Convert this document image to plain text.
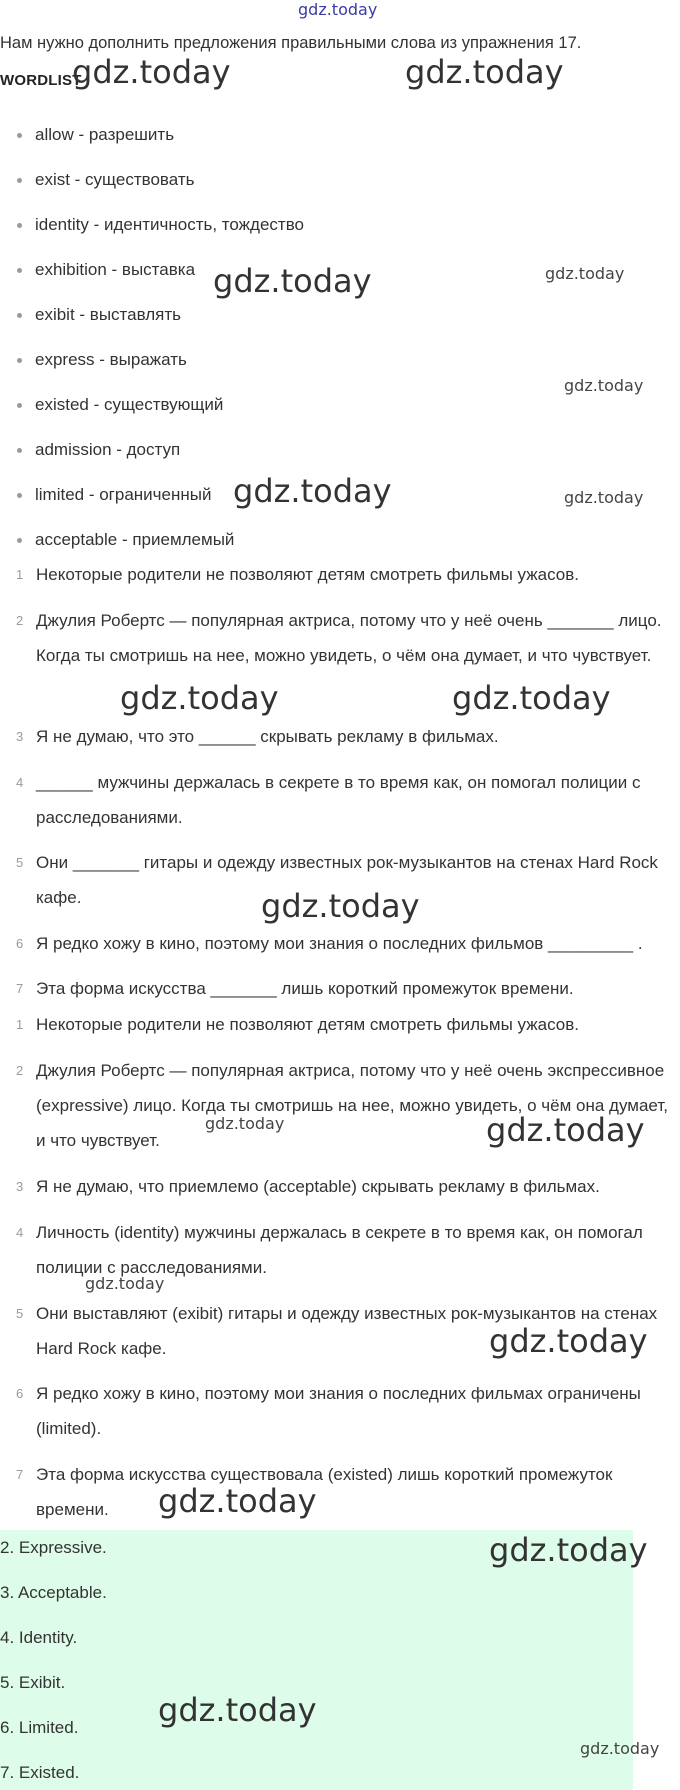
gdz.today
Нам нужно дополнить предложения правильными слова из упражнения 17.
WORDLIST
allow - разрешить
exist - существовать
identity - идентичность, тождество
exhibition - выставка
exibit - выставлять
express - выражать
existed - существующий
admission - доступ
limited - ограниченный
acceptable - приемлемый
1 Некоторые родители не позволяют детям смотреть фильмы ужасов.
2 Джулия Робертс — популярная актриса, потому что у неё очень _______ лицо. Когда ты смотришь на нее, можно увидеть, о чём она думает, и что чувствует.
3 Я не думаю, что это ______ скрывать рекламу в фильмах.
4 ______ мужчины держалась в секрете в то время как, он помогал полиции с расследованиями.
5 Они _______ гитары и одежду известных рок-музыкантов на стенах Hard Rock кафе.
6 Я редко хожу в кино, поэтому мои знания о последних фильмов _________ .
7 Эта форма искусства _______ лишь короткий промежуток времени.
1 Некоторые родители не позволяют детям смотреть фильмы ужасов.
2 Джулия Робертс — популярная актриса, потому что у неё очень экспрессивное (expressive) лицо. Когда ты смотришь на нее, можно увидеть, о чём она думает, и что чувствует.
3 Я не думаю, что приемлемо (acceptable) скрывать рекламу в фильмах.
4 Личность (identity) мужчины держалась в секрете в то время как, он помогал полиции с расследованиями.
5 Они выставляют (exibit) гитары и одежду известных рок-музыкантов на стенах Hard Rock кафе.
6 Я редко хожу в кино, поэтому мои знания о последних фильмах ограничены (limited).
7 Эта форма искусства существовала (existed) лишь короткий промежуток времени.
2. Expressive.
3. Acceptable.
4. Identity.
5. Exibit.
6. Limited.
7. Existed.
gdz.today	gdz.today
gdz.today	gdz.today
gdz.today
gdz.today	gdz.today
gdz.today	gdz.today
gdz.today
gdz.today	gdz.today
gdz.today
gdz.today
gdz.today
gdz.today
gdz.today
gdz.today
